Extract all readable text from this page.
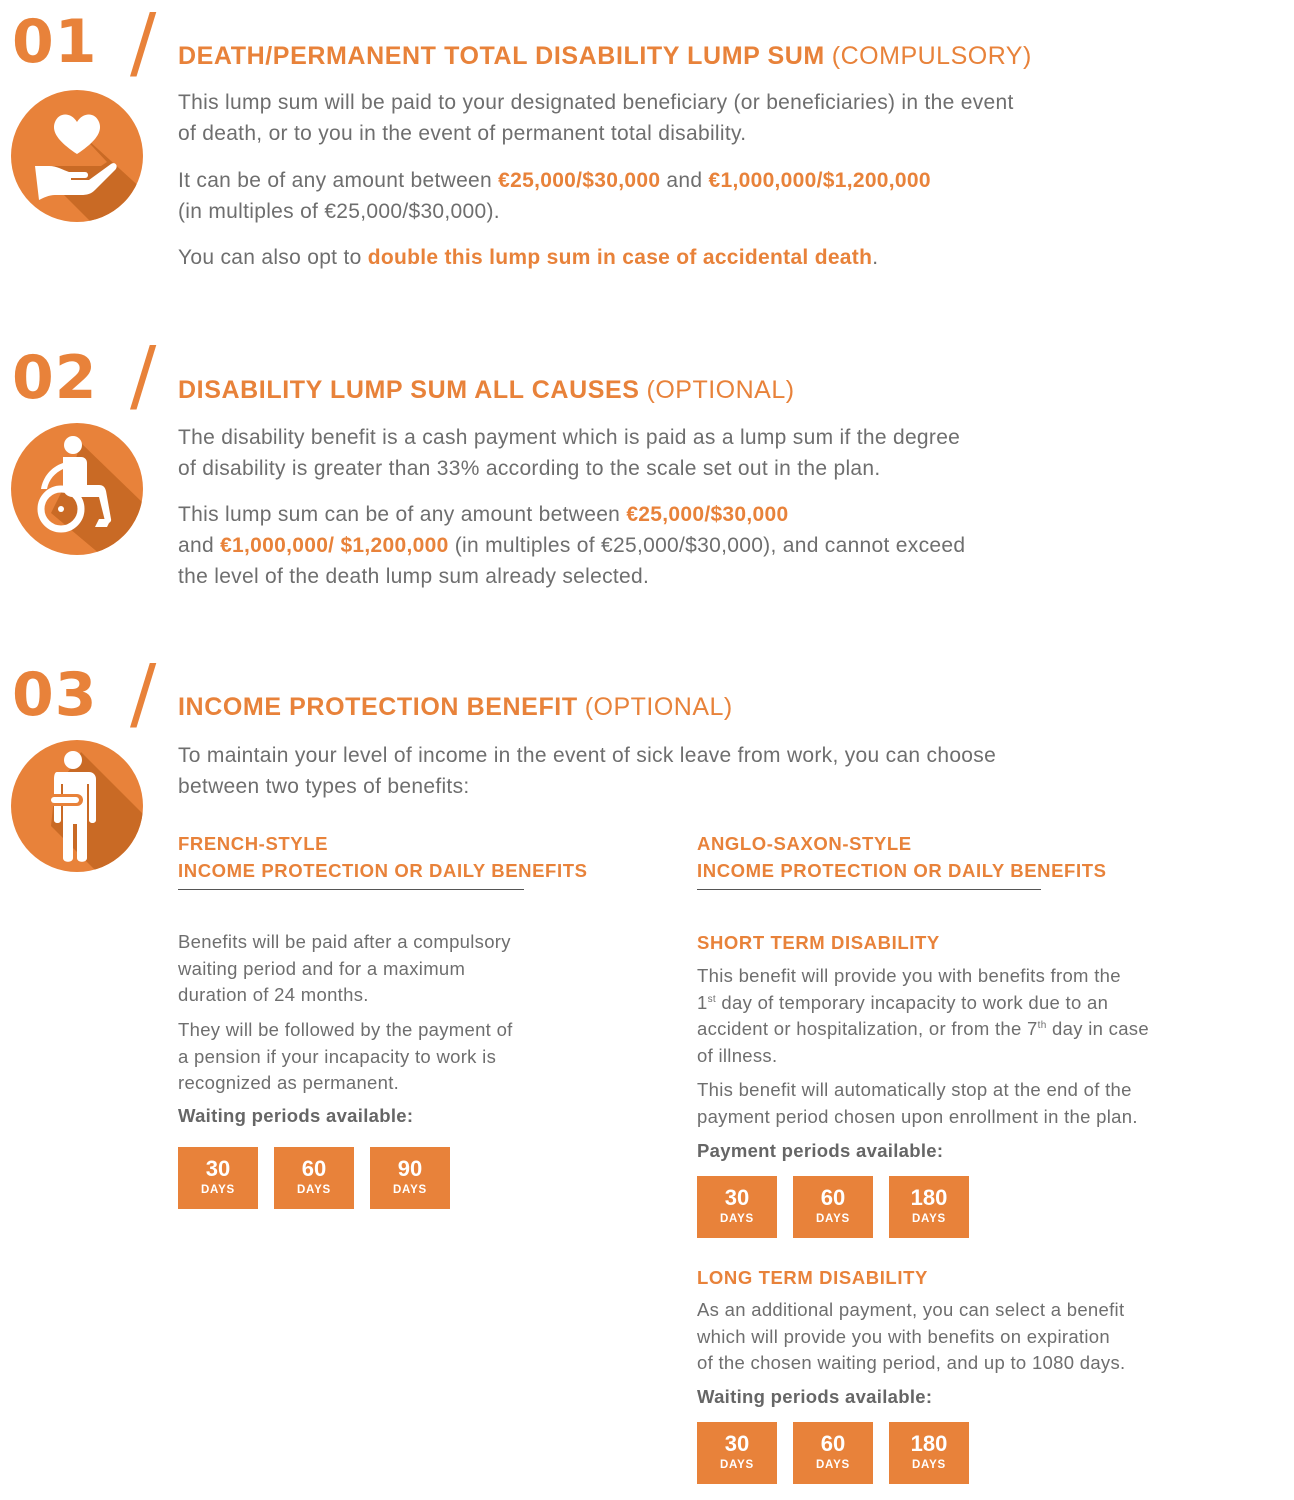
01 / DEATH/PERMANENT TOTAL DISABILITY LUMP SUM (COMPULSORY)

This lump sum will be paid to your designated beneficiary (or beneficiaries) in the event
of death, or to you in the event of permanent total disability.

It can be of any amount between €25,000/$30,000 and €1,000,000/$1,200,000
(in multiples of €25,000/$30,000).

You can also opt to double this lump sum in case of accidental death.

02 / DISABILITY LUMP SUM ALL CAUSES (OPTIONAL)

The disability benefit is a cash payment which is paid as a lump sum if the degree
of disability is greater than 33% according to the scale set out in the plan.

This lump sum can be of any amount between €25,000/$30,000
and €1,000,000/ $1,200,000 (in multiples of €25,000/$30,000), and cannot exceed
the level of the death lump sum already selected.

03 / INCOME PROTECTION BENEFIT (OPTIONAL)

To maintain your level of income in the event of sick leave from work, you can choose
between two types of benefits:

FRENCH-STYLE
INCOME PROTECTION OR DAILY BENEFITS

Benefits will be paid after a compulsory
waiting period and for a maximum
duration of 24 months.

They will be followed by the payment of
a pension if your incapacity to work is
recognized as permanent.

Waiting periods available:
30
DAYS
60
DAYS
90
DAYS
ANGLO-SAXON-STYLE
INCOME PROTECTION OR DAILY BENEFITS
SHORT TERM DISABILITY

This benefit will provide you with benefits from the
1st day of temporary incapacity to work due to an
accident or hospitalization, or from the 7th day in case
of illness.

This benefit will automatically stop at the end of the
payment period chosen upon enrollment in the plan.

Payment periods available:
30
DAYS
60
DAYS
180
DAYS
LONG TERM DISABILITY

As an additional payment, you can select a benefit
which will provide you with benefits on expiration
of the chosen waiting period, and up to 1080 days.

Waiting periods available:
30
DAYS
60
DAYS
180
DAYS
